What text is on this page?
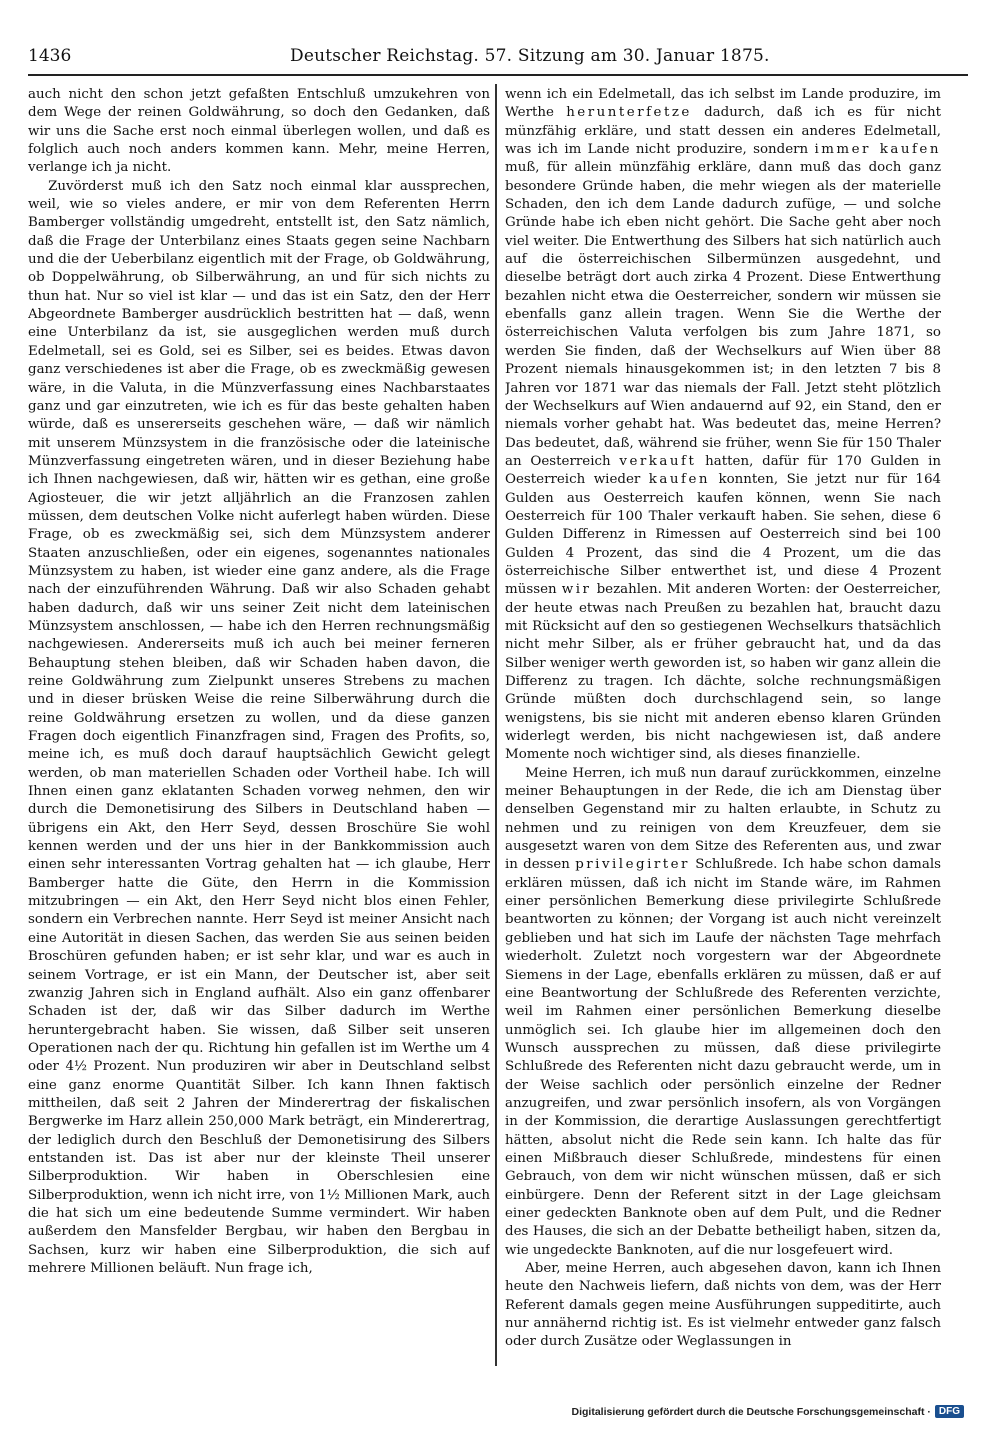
1436	Deutscher Reichstag. 57. Sitzung am 30. Januar 1875.

auch nicht den schon jetzt gefaßten Entschluß umzukehren von dem Wege der reinen Goldwährung, so doch den Gedanken, daß wir uns die Sache erst noch einmal überlegen wollen, und daß es folglich auch noch anders kommen kann. Mehr, meine Herren, verlange ich ja nicht.

Zuvörderst muß ich den Satz noch einmal klar aussprechen, weil, wie so vieles andere, er mir von dem Referenten Herrn Bamberger vollständig umgedreht, entstellt ist, den Satz nämlich, daß die Frage der Unterbilanz eines Staats gegen seine Nachbarn und die der Ueberbilanz eigentlich mit der Frage, ob Goldwährung, ob Doppelwährung, ob Silberwährung, an und für sich nichts zu thun hat. Nur so viel ist klar — und das ist ein Satz, den der Herr Abgeordnete Bamberger ausdrücklich bestritten hat — daß, wenn eine Unterbilanz da ist, sie ausgeglichen werden muß durch Edelmetall, sei es Gold, sei es Silber, sei es beides. Etwas davon ganz verschiedenes ist aber die Frage, ob es zweckmäßig gewesen wäre, in die Valuta, in die Münzverfassung eines Nachbarstaates ganz und gar einzutreten, wie ich es für das beste gehalten haben würde, daß es unsererseits geschehen wäre, — daß wir nämlich mit unserem Münzsystem in die französische oder die lateinische Münzverfassung eingetreten wären, und in dieser Beziehung habe ich Ihnen nachgewiesen, daß wir, hätten wir es gethan, eine große Agiosteuer, die wir jetzt alljährlich an die Franzosen zahlen müssen, dem deutschen Volke nicht auferlegt haben würden. Diese Frage, ob es zweckmäßig sei, sich dem Münzsystem anderer Staaten anzuschließen, oder ein eigenes, sogenanntes nationales Münzsystem zu haben, ist wieder eine ganz andere, als die Frage nach der einzuführenden Währung. Daß wir also Schaden gehabt haben dadurch, daß wir uns seiner Zeit nicht dem lateinischen Münzsystem anschlossen, — habe ich den Herren rechnungsmäßig nachgewiesen. Andererseits muß ich auch bei meiner ferneren Behauptung stehen bleiben, daß wir Schaden haben davon, die reine Goldwährung zum Zielpunkt unseres Strebens zu machen und in dieser brüsken Weise die reine Silberwährung durch die reine Goldwährung ersetzen zu wollen, und da diese ganzen Fragen doch eigentlich Finanzfragen sind, Fragen des Profits, so, meine ich, es muß doch darauf hauptsächlich Gewicht gelegt werden, ob man materiellen Schaden oder Vortheil habe. Ich will Ihnen einen ganz eklatanten Schaden vorweg nehmen, den wir durch die Demonetisirung des Silbers in Deutschland haben — übrigens ein Akt, den Herr Seyd, dessen Broschüre Sie wohl kennen werden und der uns hier in der Bankkommission auch einen sehr interessanten Vortrag gehalten hat — ich glaube, Herr Bamberger hatte die Güte, den Herrn in die Kommission mitzubringen — ein Akt, den Herr Seyd nicht blos einen Fehler, sondern ein Verbrechen nannte. Herr Seyd ist meiner Ansicht nach eine Autorität in diesen Sachen, das werden Sie aus seinen beiden Broschüren gefunden haben; er ist sehr klar, und war es auch in seinem Vortrage, er ist ein Mann, der Deutscher ist, aber seit zwanzig Jahren sich in England aufhält. Also ein ganz offenbarer Schaden ist der, daß wir das Silber dadurch im Werthe heruntergebracht haben. Sie wissen, daß Silber seit unseren Operationen nach der qu. Richtung hin gefallen ist im Werthe um 4 oder 4½ Prozent. Nun produziren wir aber in Deutschland selbst eine ganz enorme Quantität Silber. Ich kann Ihnen faktisch mittheilen, daß seit 2 Jahren der Minderertrag der fiskalischen Bergwerke im Harz allein 250,000 Mark beträgt, ein Minderertrag, der lediglich durch den Beschluß der Demonetisirung des Silbers entstanden ist. Das ist aber nur der kleinste Theil unserer Silberproduktion. Wir haben in Oberschlesien eine Silberproduktion, wenn ich nicht irre, von 1½ Millionen Mark, auch die hat sich um eine bedeutende Summe vermindert. Wir haben außerdem den Mansfelder Bergbau, wir haben den Bergbau in Sachsen, kurz wir haben eine Silberproduktion, die sich auf mehrere Millionen beläuft. Nun frage ich,

wenn ich ein Edelmetall, das ich selbst im Lande produzire, im Werthe herunterfetze dadurch, daß ich es für nicht münzfähig erkläre, und statt dessen ein anderes Edelmetall, was ich im Lande nicht produzire, sondern immer kaufen muß, für allein münzfähig erkläre, dann muß das doch ganz besondere Gründe haben, die mehr wiegen als der materielle Schaden, den ich dem Lande dadurch zufüge, — und solche Gründe habe ich eben nicht gehört. Die Sache geht aber noch viel weiter. Die Entwerthung des Silbers hat sich natürlich auch auf die österreichischen Silbermünzen ausgedehnt, und dieselbe beträgt dort auch zirka 4 Prozent. Diese Entwerthung bezahlen nicht etwa die Oesterreicher, sondern wir müssen sie ebenfalls ganz allein tragen. Wenn Sie die Werthe der österreichischen Valuta verfolgen bis zum Jahre 1871, so werden Sie finden, daß der Wechselkurs auf Wien über 88 Prozent niemals hinausgekommen ist; in den letzten 7 bis 8 Jahren vor 1871 war das niemals der Fall. Jetzt steht plötzlich der Wechselkurs auf Wien andauernd auf 92, ein Stand, den er niemals vorher gehabt hat. Was bedeutet das, meine Herren? Das bedeutet, daß, während sie früher, wenn Sie für 150 Thaler an Oesterreich verkauft hatten, dafür für 170 Gulden in Oesterreich wieder kaufen konnten, Sie jetzt nur für 164 Gulden aus Oesterreich kaufen können, wenn Sie nach Oesterreich für 100 Thaler verkauft haben. Sie sehen, diese 6 Gulden Differenz in Rimessen auf Oesterreich sind bei 100 Gulden 4 Prozent, das sind die 4 Prozent, um die das österreichische Silber entwerthet ist, und diese 4 Prozent müssen wir bezahlen. Mit anderen Worten: der Oesterreicher, der heute etwas nach Preußen zu bezahlen hat, braucht dazu mit Rücksicht auf den so gestiegenen Wechselkurs thatsächlich nicht mehr Silber, als er früher gebraucht hat, und da das Silber weniger werth geworden ist, so haben wir ganz allein die Differenz zu tragen. Ich dächte, solche rechnungsmäßigen Gründe müßten doch durchschlagend sein, so lange wenigstens, bis sie nicht mit anderen ebenso klaren Gründen widerlegt werden, bis nicht nachgewiesen ist, daß andere Momente noch wichtiger sind, als dieses finanzielle.

Meine Herren, ich muß nun darauf zurückkommen, einzelne meiner Behauptungen in der Rede, die ich am Dienstag über denselben Gegenstand mir zu halten erlaubte, in Schutz zu nehmen und zu reinigen von dem Kreuzfeuer, dem sie ausgesetzt waren von dem Sitze des Referenten aus, und zwar in dessen privilegirter Schlußrede. Ich habe schon damals erklären müssen, daß ich nicht im Stande wäre, im Rahmen einer persönlichen Bemerkung diese privilegirte Schlußrede beantworten zu können; der Vorgang ist auch nicht vereinzelt geblieben und hat sich im Laufe der nächsten Tage mehrfach wiederholt. Zuletzt noch vorgestern war der Abgeordnete Siemens in der Lage, ebenfalls erklären zu müssen, daß er auf eine Beantwortung der Schlußrede des Referenten verzichte, weil im Rahmen einer persönlichen Bemerkung dieselbe unmöglich sei. Ich glaube hier im allgemeinen doch den Wunsch aussprechen zu müssen, daß diese privilegirte Schlußrede des Referenten nicht dazu gebraucht werde, um in der Weise sachlich oder persönlich einzelne der Redner anzugreifen, und zwar persönlich insofern, als von Vorgängen in der Kommission, die derartige Auslassungen gerechtfertigt hätten, absolut nicht die Rede sein kann. Ich halte das für einen Mißbrauch dieser Schlußrede, mindestens für einen Gebrauch, von dem wir nicht wünschen müssen, daß er sich einbürgere. Denn der Referent sitzt in der Lage gleichsam einer gedeckten Banknote oben auf dem Pult, und die Redner des Hauses, die sich an der Debatte betheiligt haben, sitzen da, wie ungedeckte Banknoten, auf die nur losgefeuert wird.

Aber, meine Herren, auch abgesehen davon, kann ich Ihnen heute den Nachweis liefern, daß nichts von dem, was der Herr Referent damals gegen meine Ausführungen suppeditirte, auch nur annähernd richtig ist. Es ist vielmehr entweder ganz falsch oder durch Zusätze oder Weglassungen in

Digitalisierung gefördert durch die Deutsche Forschungsgemeinschaft · DFG
